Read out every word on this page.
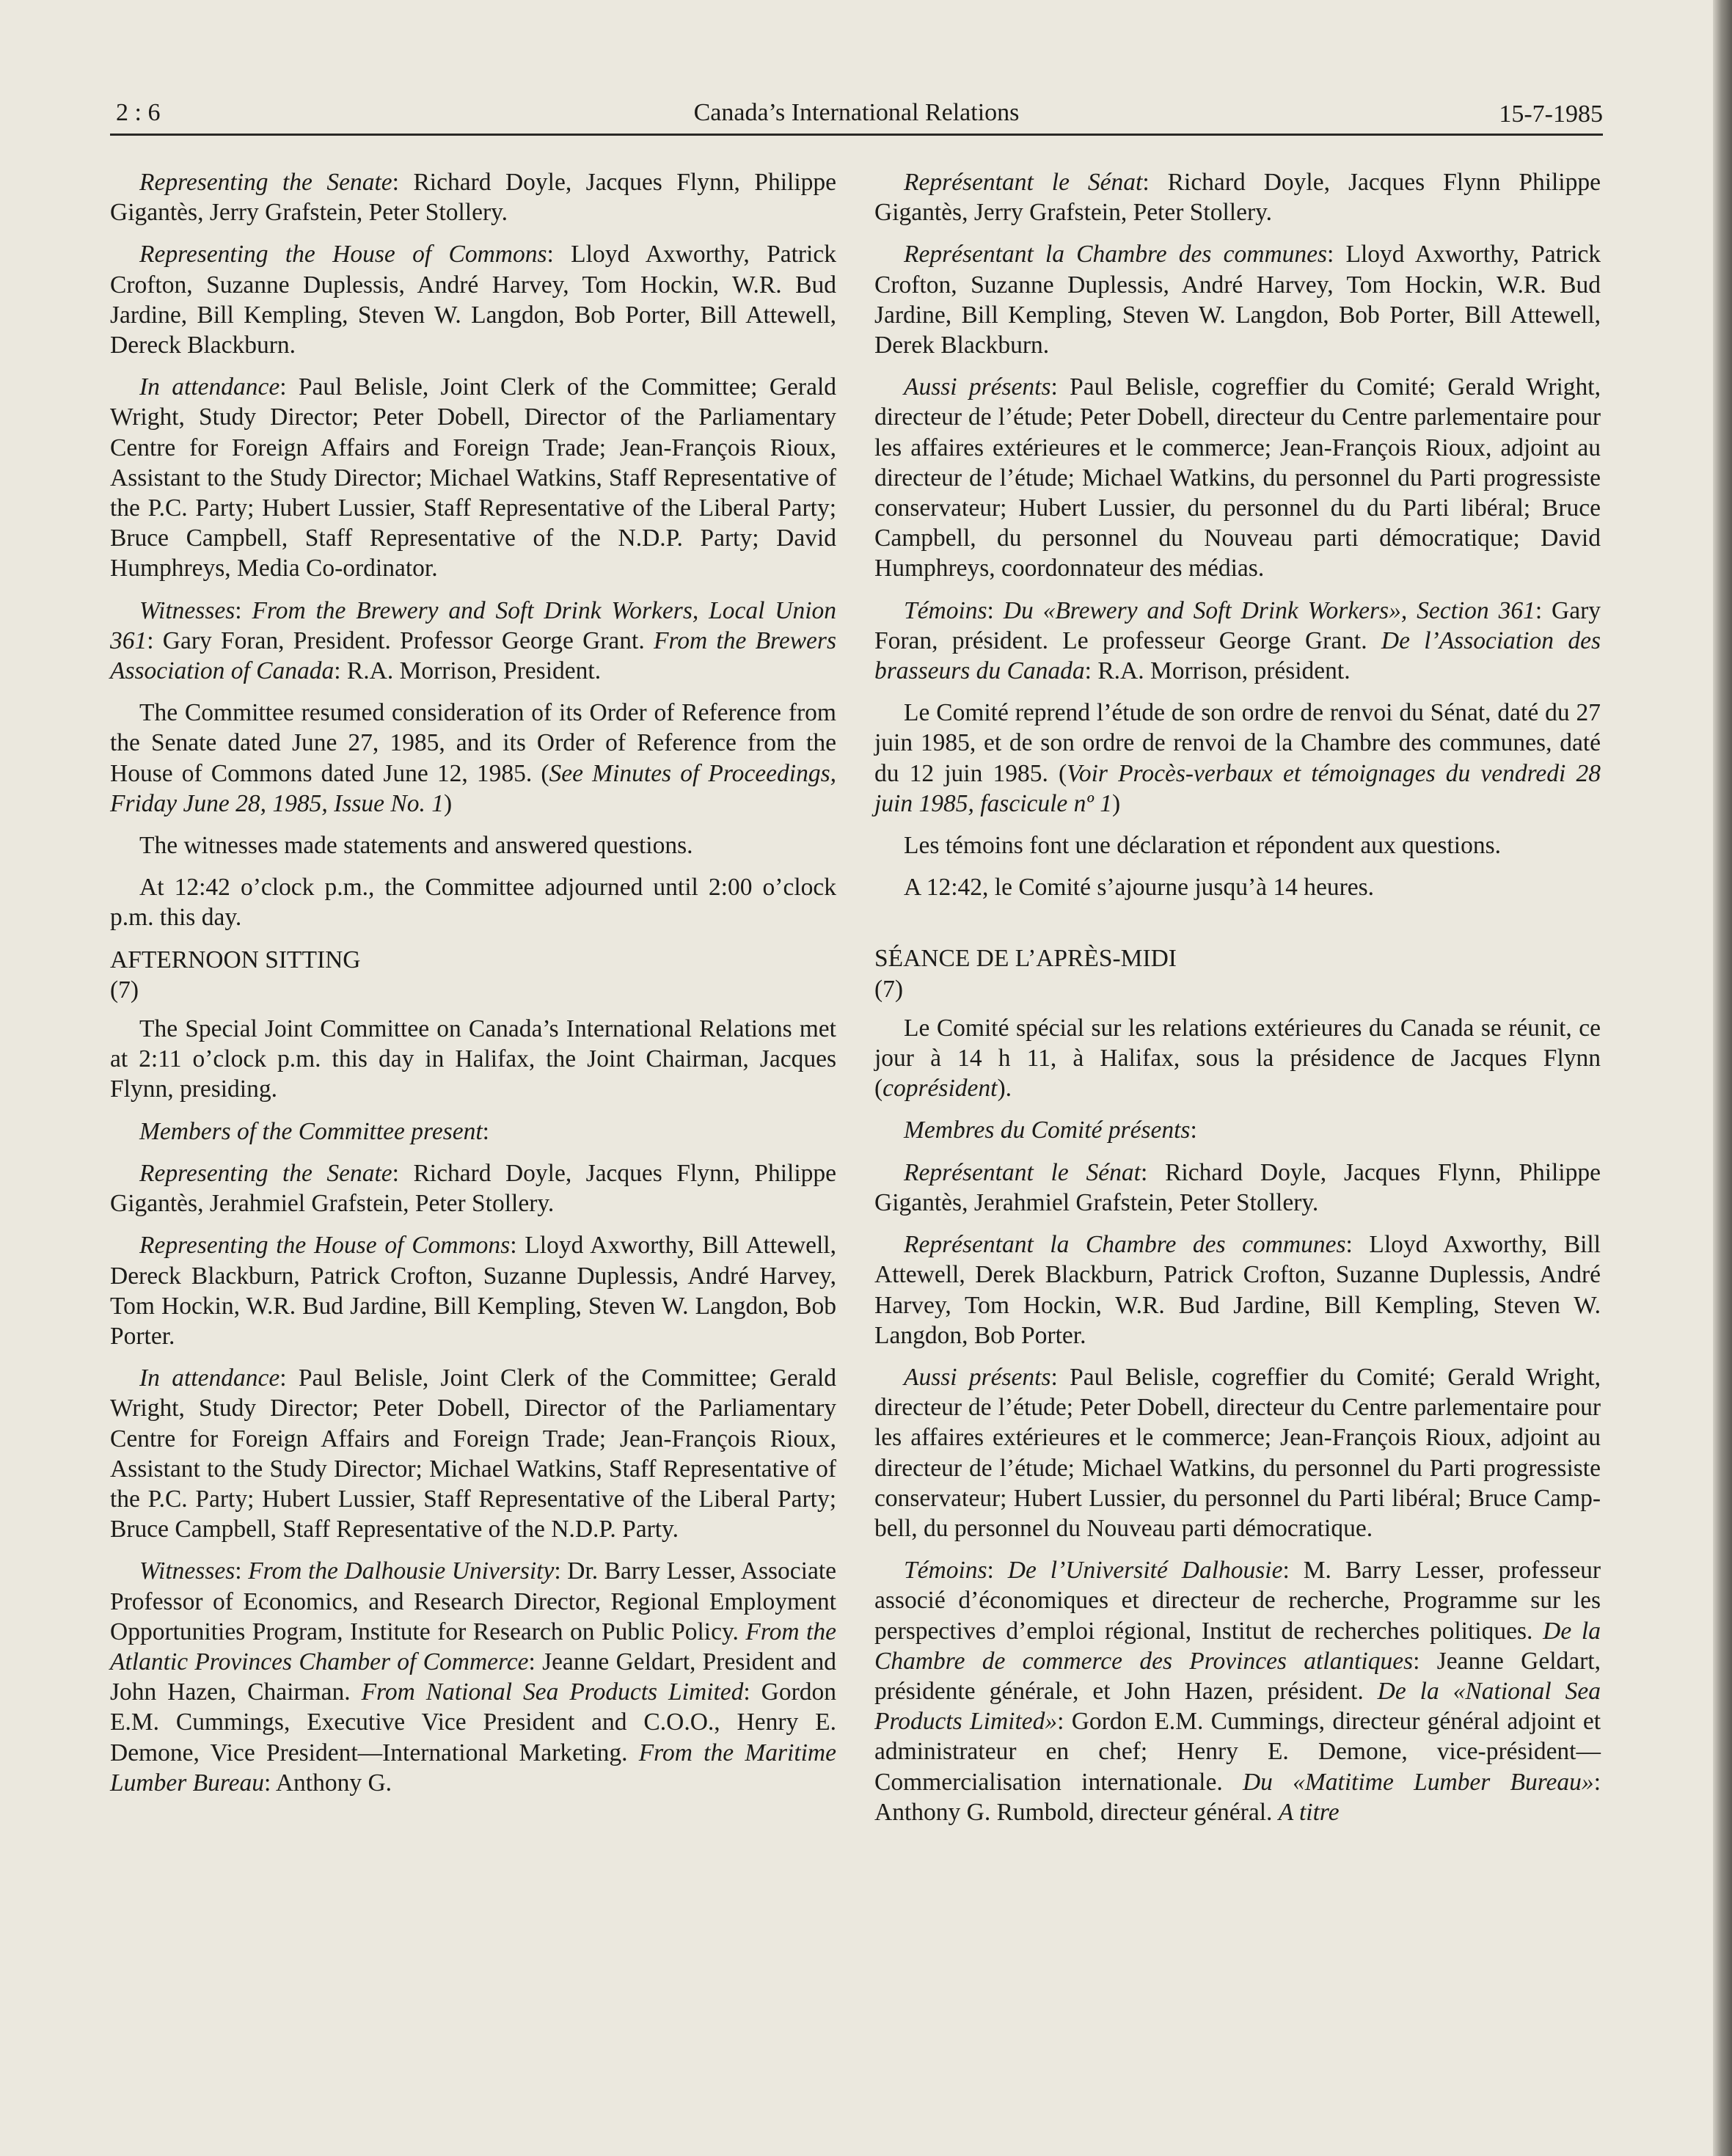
2 : 6	Canada’s International Relations	15-7-1985

Representing the Senate: Richard Doyle, Jacques Flynn, Philippe Gigantès, Jerry Grafstein, Peter Stollery.

Representing the House of Commons: Lloyd Axworthy, Patrick Crofton, Suzanne Duplessis, André Harvey, Tom Hockin, W.R. Bud Jardine, Bill Kempling, Steven W. Langdon, Bob Porter, Bill Attewell, Dereck Blackburn.

In attendance: Paul Belisle, Joint Clerk of the Committee; Gerald Wright, Study Director; Peter Dobell, Director of the Parliamentary Centre for Foreign Affairs and Foreign Trade; Jean-François Rioux, Assistant to the Study Director; Michael Watkins, Staff Representative of the P.C. Party; Hubert Lussier, Staff Representative of the Liberal Party; Bruce Campbell, Staff Representative of the N.D.P. Party; David Humphreys, Media Co-ordinator.

Witnesses: From the Brewery and Soft Drink Workers, Local Union 361: Gary Foran, President. Professor George Grant. From the Brewers Association of Canada: R.A. Morrison, President.

The Committee resumed consideration of its Order of Reference from the Senate dated June 27, 1985, and its Order of Reference from the House of Commons dated June 12, 1985. (See Minutes of Proceedings, Friday June 28, 1985, Issue No. 1)

The witnesses made statements and answered questions.

At 12:42 o’clock p.m., the Committee adjourned until 2:00 o’clock p.m. this day.

AFTERNOON SITTING

(7)

The Special Joint Committee on Canada’s International Relations met at 2:11 o’clock p.m. this day in Halifax, the Joint Chairman, Jacques Flynn, presiding.

Members of the Committee present:

Representing the Senate: Richard Doyle, Jacques Flynn, Philippe Gigantès, Jerahmiel Grafstein, Peter Stollery.

Representing the House of Commons: Lloyd Axworthy, Bill Attewell, Dereck Blackburn, Patrick Crofton, Suzanne Duplessis, André Harvey, Tom Hockin, W.R. Bud Jardine, Bill Kempling, Steven W. Langdon, Bob Porter.

In attendance: Paul Belisle, Joint Clerk of the Committee; Gerald Wright, Study Director; Peter Dobell, Director of the Parliamentary Centre for Foreign Affairs and Foreign Trade; Jean-François Rioux, Assistant to the Study Director; Michael Watkins, Staff Representative of the P.C. Party; Hubert Lussier, Staff Representative of the Liberal Party; Bruce Campbell, Staff Representative of the N.D.P. Party.

Witnesses: From the Dalhousie University: Dr. Barry Lesser, Associate Professor of Economics, and Research Director, Regional Employment Opportunities Program, Institute for Research on Public Policy. From the Atlantic Provinces Chamber of Commerce: Jeanne Geldart, President and John Hazen, Chairman. From National Sea Products Limited: Gordon E.M. Cummings, Executive Vice President and C.O.O., Henry E. Demone, Vice President—International Marketing. From the Maritime Lumber Bureau: Anthony G.

Représentant le Sénat: Richard Doyle, Jacques Flynn Philippe Gigantès, Jerry Grafstein, Peter Stollery.

Représentant la Chambre des communes: Lloyd Axworthy, Patrick Crofton, Suzanne Duplessis, André Harvey, Tom Hockin, W.R. Bud Jardine, Bill Kempling, Steven W. Langdon, Bob Porter, Bill Attewell, Derek Blackburn.

Aussi présents: Paul Belisle, cogreffier du Comité; Gerald Wright, directeur de l’étude; Peter Dobell, directeur du Centre parlementaire pour les affaires extérieures et le commerce; Jean-François Rioux, adjoint au directeur de l’étude; Michael Watkins, du personnel du Parti progressiste conservateur; Hubert Lussier, du personnel du du Parti libéral; Bruce Campbell, du personnel du Nouveau parti démocratique; David Humphreys, coordonnateur des médias.

Témoins: Du «Brewery and Soft Drink Workers», Section 361: Gary Foran, président. Le professeur George Grant. De l’Association des brasseurs du Canada: R.A. Morrison, président.

Le Comité reprend l’étude de son ordre de renvoi du Sénat, daté du 27 juin 1985, et de son ordre de renvoi de la Chambre des communes, daté du 12 juin 1985. (Voir Procès-verbaux et témoignages du vendredi 28 juin 1985, fascicule nº 1)

Les témoins font une déclaration et répondent aux questions.

A 12:42, le Comité s’ajourne jusqu’à 14 heures.

SÉANCE DE L’APRÈS-MIDI

(7)

Le Comité spécial sur les relations extérieures du Canada se réunit, ce jour à 14 h 11, à Halifax, sous la présidence de Jacques Flynn (coprésident).

Membres du Comité présents:

Représentant le Sénat: Richard Doyle, Jacques Flynn, Philippe Gigantès, Jerahmiel Grafstein, Peter Stollery.

Représentant la Chambre des communes: Lloyd Axworthy, Bill Attewell, Derek Blackburn, Patrick Crofton, Suzanne Duplessis, André Harvey, Tom Hockin, W.R. Bud Jardine, Bill Kempling, Steven W. Langdon, Bob Porter.

Aussi présents: Paul Belisle, cogreffier du Comité; Gerald Wright, directeur de l’étude; Peter Dobell, directeur du Centre parlementaire pour les affaires extérieures et le commerce; Jean-François Rioux, adjoint au directeur de l’étude; Michael Watkins, du personnel du Parti progressiste conservateur; Hubert Lussier, du personnel du Parti libéral; Bruce Camp-bell, du personnel du Nouveau parti démocratique.

Témoins: De l’Université Dalhousie: M. Barry Lesser, professeur associé d’économiques et directeur de recherche, Programme sur les perspectives d’emploi régional, Institut de recherches politiques. De la Chambre de commerce des Provinces atlantiques: Jeanne Geldart, présidente générale, et John Hazen, président. De la «National Sea Products Limited»: Gordon E.M. Cummings, directeur général adjoint et administrateur en chef; Henry E. Demone, vice-président— Commercialisation internationale. Du «Matitime Lumber Bureau»: Anthony G. Rumbold, directeur général. A titre
